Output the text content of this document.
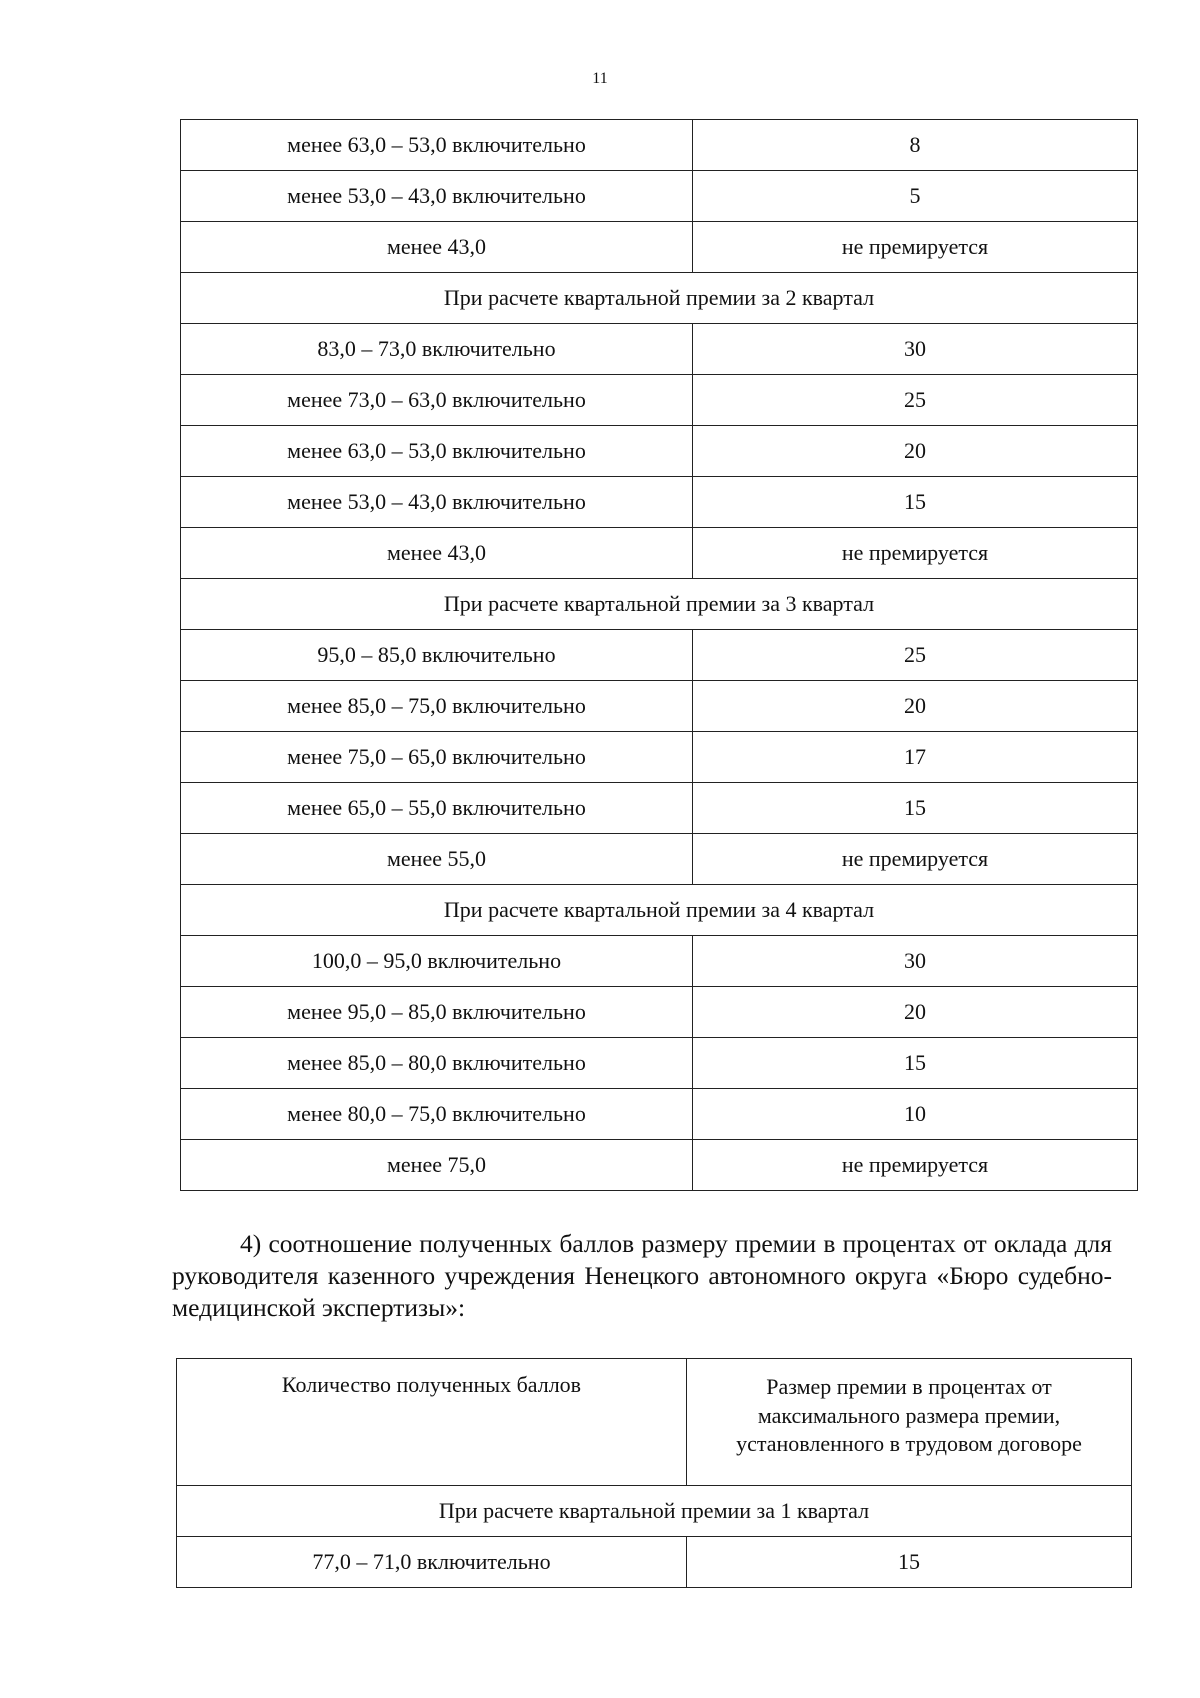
11
менее 63,0 – 53,0 включительно	8
менее 53,0 – 43,0 включительно	5
менее 43,0	не премируется
При расчете квартальной премии за 2 квартал	
83,0 – 73,0 включительно	30
менее 73,0 – 63,0 включительно	25
менее 63,0 – 53,0 включительно	20
менее 53,0 – 43,0 включительно	15
менее 43,0	не премируется
При расчете квартальной премии за 3 квартал	
95,0 – 85,0 включительно	25
менее 85,0 – 75,0 включительно	20
менее 75,0 – 65,0 включительно	17
менее 65,0 – 55,0 включительно	15
менее 55,0	не премируется
При расчете квартальной премии за 4 квартал	
100,0 – 95,0 включительно	30
менее 95,0 – 85,0 включительно	20
менее 85,0 – 80,0 включительно	15
менее 80,0 – 75,0 включительно	10
менее 75,0	не премируется
4) соотношение полученных баллов размеру премии в процентах от оклада для руководителя казенного учреждения Ненецкого автономного округа «Бюро судебно-медицинской экспертизы»:
Количество полученных баллов	Размер премии в процентах от максимального размера премии, установленного в трудовом договоре
При расчете квартальной премии за 1 квартал	
77,0 – 71,0 включительно	15
